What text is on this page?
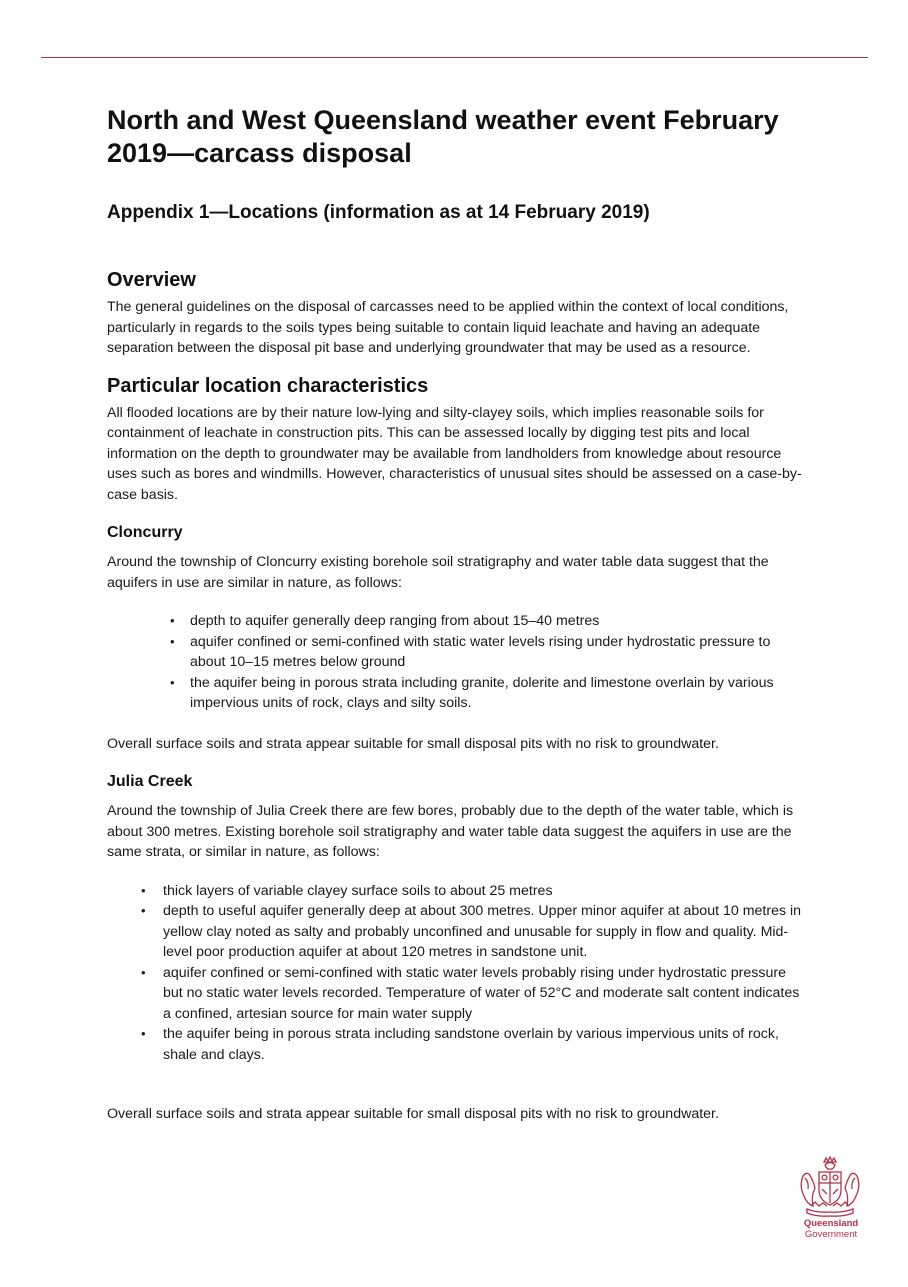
North and West Queensland weather event February 2019—carcass disposal
Appendix 1—Locations (information as at 14 February 2019)
Overview

The general guidelines on the disposal of carcasses need to be applied within the context of local conditions, particularly in regards to the soils types being suitable to contain liquid leachate and having an adequate separation between the disposal pit base and underlying groundwater that may be used as a resource.

Particular location characteristics

All flooded locations are by their nature low-lying and silty-clayey soils, which implies reasonable soils for containment of leachate in construction pits. This can be assessed locally by digging test pits and local information on the depth to groundwater may be available from landholders from knowledge about resource uses such as bores and windmills. However, characteristics of unusual sites should be assessed on a case-by-case basis.

Cloncurry

Around the township of Cloncurry existing borehole soil stratigraphy and water table data suggest that the aquifers in use are similar in nature, as follows:

• depth to aquifer generally deep ranging from about 15–40 metres
• aquifer confined or semi-confined with static water levels rising under hydrostatic pressure to about 10–15 metres below ground
• the aquifer being in porous strata including granite, dolerite and limestone overlain by various impervious units of rock, clays and silty soils.

Overall surface soils and strata appear suitable for small disposal pits with no risk to groundwater.

Julia Creek

Around the township of Julia Creek there are few bores, probably due to the depth of the water table, which is about 300 metres. Existing borehole soil stratigraphy and water table data suggest the aquifers in use are the same strata, or similar in nature, as follows:

• thick layers of variable clayey surface soils to about 25 metres
• depth to useful aquifer generally deep at about 300 metres. Upper minor aquifer at about 10 metres in yellow clay noted as salty and probably unconfined and unusable for supply in flow and quality. Mid-level poor production aquifer at about 120 metres in sandstone unit.
• aquifer confined or semi-confined with static water levels probably rising under hydrostatic pressure but no static water levels recorded. Temperature of water of 52°C and moderate salt content indicates a confined, artesian source for main water supply
• the aquifer being in porous strata including sandstone overlain by various impervious units of rock, shale and clays.

Overall surface soils and strata appear suitable for small disposal pits with no risk to groundwater.

Queensland
Government
